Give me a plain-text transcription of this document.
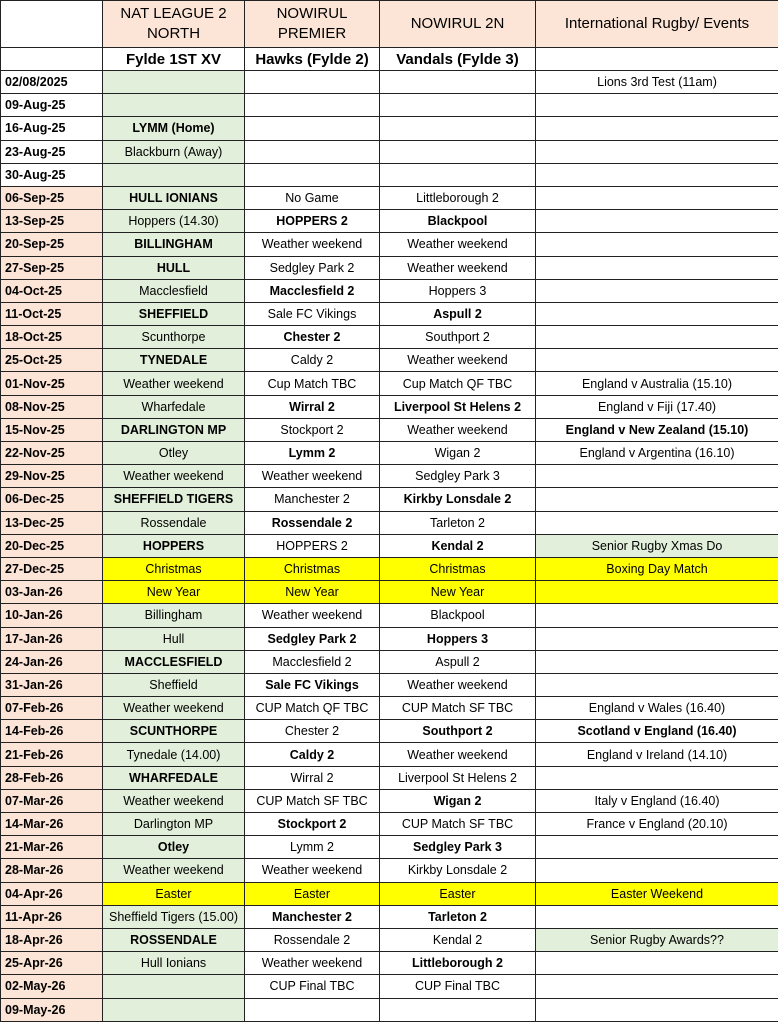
	NAT LEAGUE 2 NORTH	NOWIRUL PREMIER	NOWIRUL 2N	International Rugby/ Events
	Fylde 1ST XV	Hawks (Fylde 2)	Vandals (Fylde 3)	
02/08/2025				Lions 3rd Test (11am)
09-Aug-25				
16-Aug-25	LYMM (Home)			
23-Aug-25	Blackburn (Away)			
30-Aug-25				
06-Sep-25	HULL IONIANS	No Game	Littleborough 2	
13-Sep-25	Hoppers (14.30)	HOPPERS 2	Blackpool	
20-Sep-25	BILLINGHAM	Weather weekend	Weather weekend	
27-Sep-25	HULL	Sedgley Park 2	Weather weekend	
04-Oct-25	Macclesfield	Macclesfield 2	Hoppers 3	
11-Oct-25	SHEFFIELD	Sale FC Vikings	Aspull 2	
18-Oct-25	Scunthorpe	Chester 2	Southport 2	
25-Oct-25	TYNEDALE	Caldy 2	Weather weekend	
01-Nov-25	Weather weekend	Cup Match TBC	Cup Match QF TBC	England v Australia (15.10)
08-Nov-25	Wharfedale	Wirral 2	Liverpool St Helens 2	England v Fiji (17.40)
15-Nov-25	DARLINGTON MP	Stockport 2	Weather weekend	England v New Zealand (15.10)
22-Nov-25	Otley	Lymm 2	Wigan 2	England v Argentina (16.10)
29-Nov-25	Weather weekend	Weather weekend	Sedgley Park 3	
06-Dec-25	SHEFFIELD TIGERS	Manchester 2	Kirkby Lonsdale 2	
13-Dec-25	Rossendale	Rossendale 2	Tarleton 2	
20-Dec-25	HOPPERS	HOPPERS 2	Kendal 2	Senior Rugby Xmas Do
27-Dec-25	Christmas	Christmas	Christmas	Boxing Day Match
03-Jan-26	New Year	New Year	New Year	
10-Jan-26	Billingham	Weather weekend	Blackpool	
17-Jan-26	Hull	Sedgley Park 2	Hoppers 3	
24-Jan-26	MACCLESFIELD	Macclesfield 2	Aspull 2	
31-Jan-26	Sheffield	Sale FC Vikings	Weather weekend	
07-Feb-26	Weather weekend	CUP Match QF TBC	CUP Match SF TBC	England v Wales (16.40)
14-Feb-26	SCUNTHORPE	Chester 2	Southport 2	Scotland v England (16.40)
21-Feb-26	Tynedale (14.00)	Caldy 2	Weather weekend	England v Ireland (14.10)
28-Feb-26	WHARFEDALE	Wirral 2	Liverpool St Helens 2	
07-Mar-26	Weather weekend	CUP Match SF TBC	Wigan 2	Italy v England (16.40)
14-Mar-26	Darlington MP	Stockport 2	CUP Match SF TBC	France v England (20.10)
21-Mar-26	Otley	Lymm 2	Sedgley Park 3	
28-Mar-26	Weather weekend	Weather weekend	Kirkby Lonsdale 2	
04-Apr-26	Easter	Easter	Easter	Easter Weekend
11-Apr-26	Sheffield Tigers (15.00)	Manchester 2	Tarleton 2	
18-Apr-26	ROSSENDALE	Rossendale 2	Kendal 2	Senior Rugby Awards??
25-Apr-26	Hull Ionians	Weather weekend	Littleborough 2	
02-May-26		CUP Final TBC	CUP Final TBC	
09-May-26				
